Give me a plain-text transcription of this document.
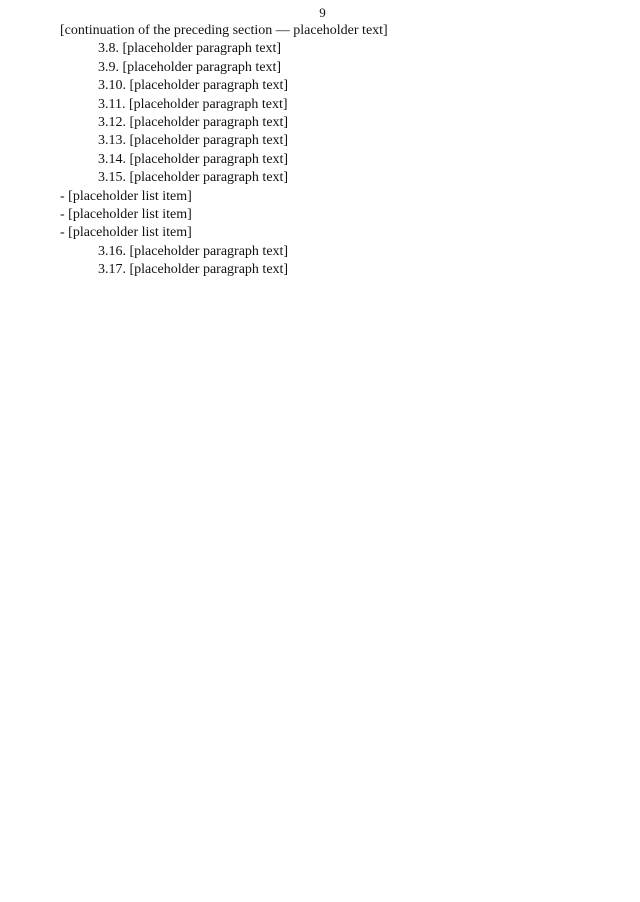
9

[continuation of the preceding section — placeholder text]

3.8. [placeholder paragraph text]

3.9. [placeholder paragraph text]

3.10. [placeholder paragraph text]

3.11. [placeholder paragraph text]

3.12. [placeholder paragraph text]

3.13. [placeholder paragraph text]

3.14. [placeholder paragraph text]

3.15. [placeholder paragraph text]

- [placeholder list item]

- [placeholder list item]

- [placeholder list item]

3.16. [placeholder paragraph text]

3.17. [placeholder paragraph text]
